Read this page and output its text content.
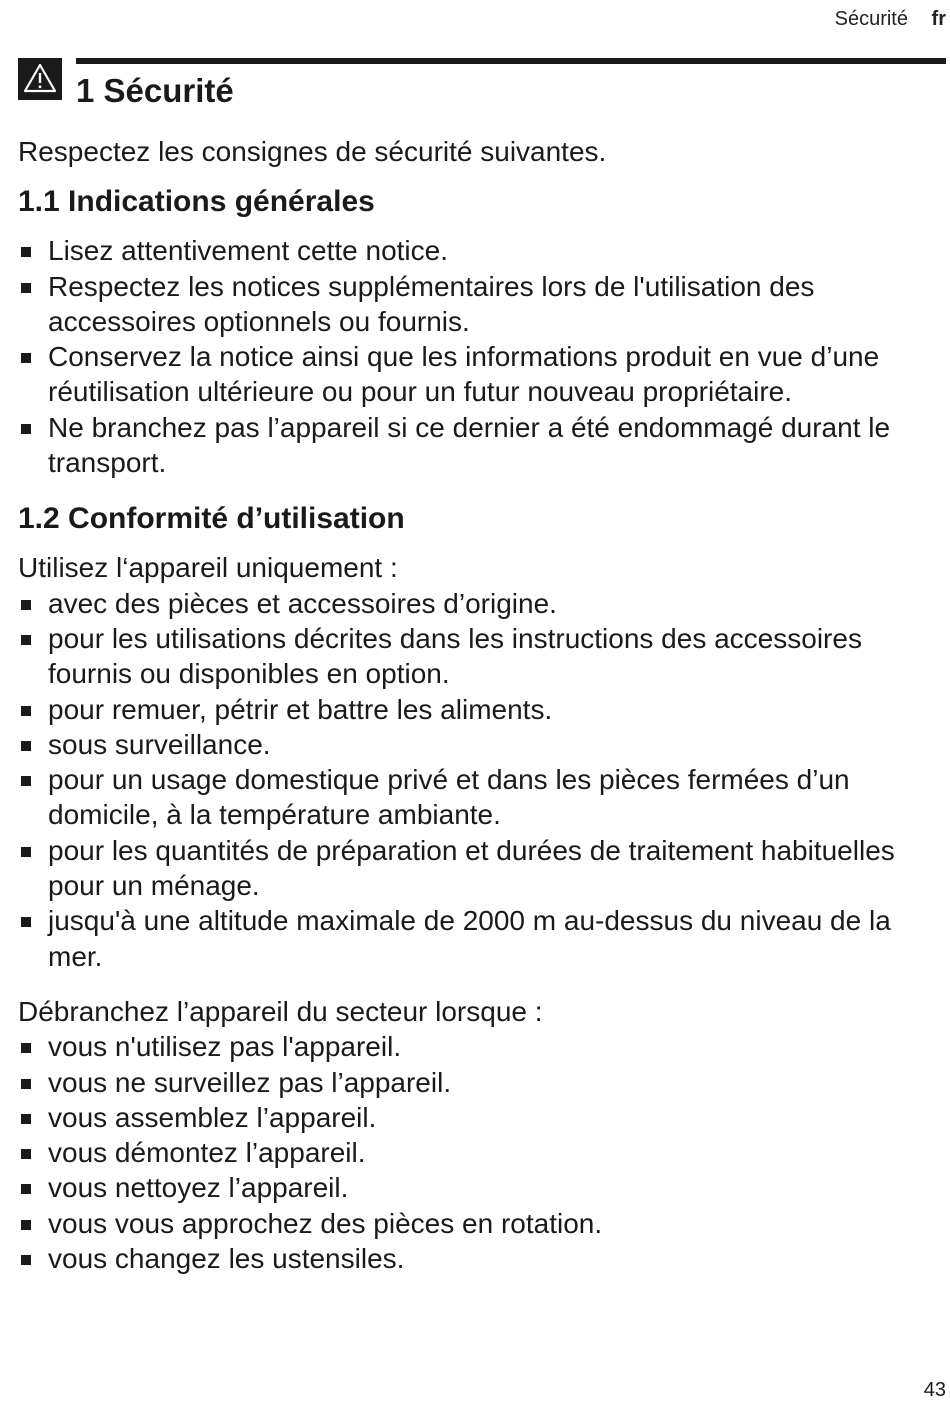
Sécurité fr
1 Sécurité

Respectez les consignes de sécurité suivantes.

1.1 Indications générales
Lisez attentivement cette notice.
Respectez les notices supplémentaires lors de l'utilisation des accessoires optionnels ou fournis.
Conservez la notice ainsi que les informations produit en vue d’une réutilisation ultérieure ou pour un futur nouveau propriétaire.
Ne branchez pas l’appareil si ce dernier a été endommagé durant le transport.
1.2 Conformité d’utilisation

Utilisez l‘appareil uniquement :

avec des pièces et accessoires d’origine.
pour les utilisations décrites dans les instructions des accessoires fournis ou disponibles en option.
pour remuer, pétrir et battre les aliments.
sous surveillance.
pour un usage domestique privé et dans les pièces fermées d’un domicile, à la température ambiante.
pour les quantités de préparation et durées de traitement habituelles pour un ménage.
jusqu'à une altitude maximale de 2000 m au-dessus du niveau de la mer.

Débranchez l’appareil du secteur lorsque :

vous n'utilisez pas l'appareil.
vous ne surveillez pas l’appareil.
vous assemblez l’appareil.
vous démontez l’appareil.
vous nettoyez l’appareil.
vous vous approchez des pièces en rotation.
vous changez les ustensiles.
43
